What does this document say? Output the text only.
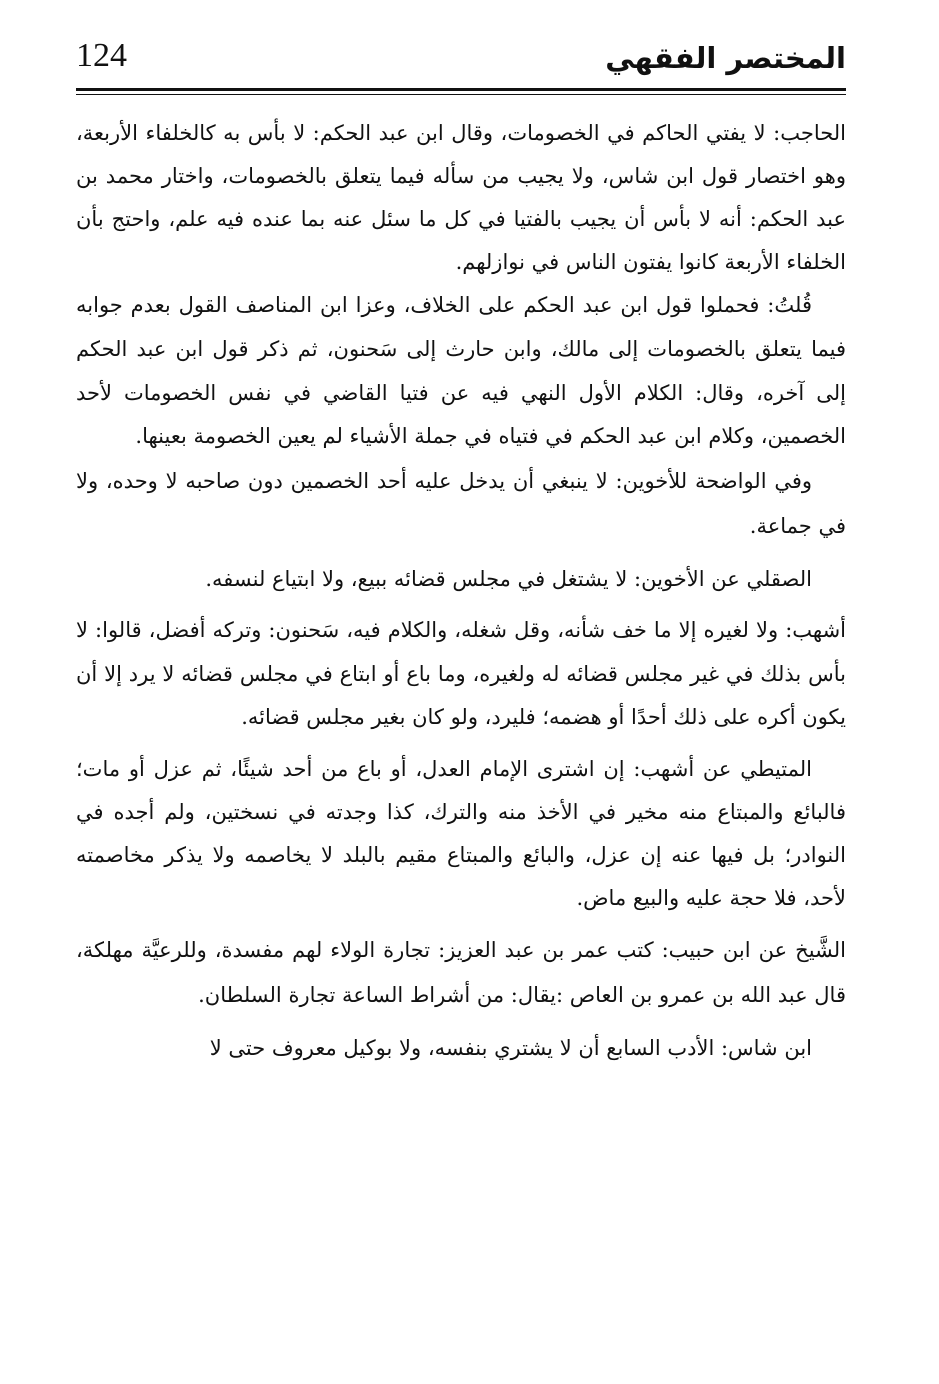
124	المختصر الفقهي

الحاجب: لا يفتي الحاكم في الخصومات، وقال ابن عبد الحكم: لا بأس به كالخلفاء الأربعة، وهو اختصار قول ابن شاس، ولا يجيب من سأله فيما يتعلق بالخصومات، واختار محمد بن عبد الحكم: أنه لا بأس أن يجيب بالفتيا في كل ما سئل عنه بما عنده فيه علم، واحتج بأن الخلفاء الأربعة كانوا يفتون الناس في نوازلهم.

قُلتُ: فحملوا قول ابن عبد الحكم على الخلاف، وعزا ابن المناصف القول بعدم جوابه فيما يتعلق بالخصومات إلى مالك، وابن حارث إلى سَحنون، ثم ذكر قول ابن عبد الحكم إلى آخره، وقال: الكلام الأول النهي فيه عن فتيا القاضي في نفس الخصومات لأحد الخصمين، وكلام ابن عبد الحكم في فتياه في جملة الأشياء لم يعين الخصومة بعينها.

وفي الواضحة للأخوين: لا ينبغي أن يدخل عليه أحد الخصمين دون صاحبه لا وحده، ولا في جماعة.

الصقلي عن الأخوين: لا يشتغل في مجلس قضائه ببيع، ولا ابتياع لنسفه.

أشهب: ولا لغيره إلا ما خف شأنه، وقل شغله، والكلام فيه، سَحنون: وتركه أفضل، قالوا: لا بأس بذلك في غير مجلس قضائه له ولغيره، وما باع أو ابتاع في مجلس قضائه لا يرد إلا أن يكون أكره على ذلك أحدًا أو هضمه؛ فليرد، ولو كان بغير مجلس قضائه.

المتيطي عن أشهب: إن اشترى الإمام العدل، أو باع من أحد شيئًا، ثم عزل أو مات؛ فالبائع والمبتاع منه مخير في الأخذ منه والترك، كذا وجدته في نسختين، ولم أجده في النوادر؛ بل فيها عنه إن عزل، والبائع والمبتاع مقيم بالبلد لا يخاصمه ولا يذكر مخاصمته لأحد، فلا حجة عليه والبيع ماض.

الشَّيخ عن ابن حبيب: كتب عمر بن عبد العزيز: تجارة الولاء لهم مفسدة، وللرعيَّة مهلكة، قال عبد الله بن عمرو بن العاص :يقال: من أشراط الساعة تجارة السلطان.

ابن شاس: الأدب السابع أن لا يشتري بنفسه، ولا بوكيل معروف حتى لا
